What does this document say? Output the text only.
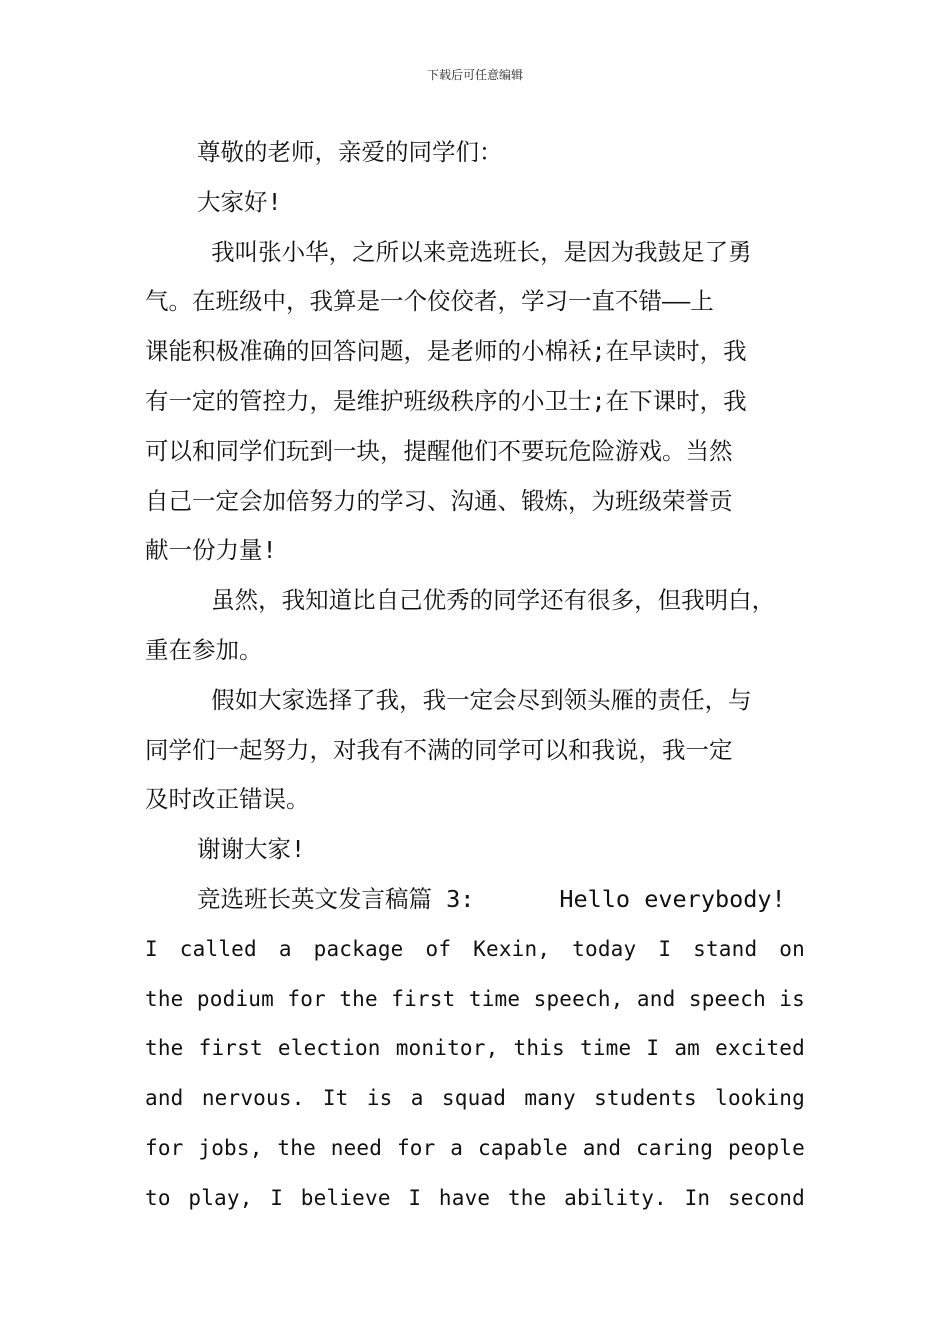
下载后可任意编辑
尊敬的老师，亲爱的同学们：
大家好!
我叫张小华，之所以来竞选班长，是因为我鼓足了勇
气。在班级中，我算是一个佼佼者，学习一直不错——上
课能积极准确的回答问题，是老师的小棉袄;在早读时，我
有一定的管控力，是维护班级秩序的小卫士;在下课时，我
可以和同学们玩到一块，提醒他们不要玩危险游戏。当然
自己一定会加倍努力的学习、沟通、锻炼，为班级荣誉贡
献一份力量!
虽然，我知道比自己优秀的同学还有很多，但我明白，
重在参加。
假如大家选择了我，我一定会尽到领头雁的责任，与
同学们一起努力，对我有不满的同学可以和我说，我一定
及时改正错误。
谢谢大家!
竞选班长英文发言稿篇 3:      Hello everybody!
I called a package of Kexin, today I stand on
the podium for the first time speech, and speech is
the first election monitor, this time I am excited
and nervous. It is a squad many students looking
for jobs, the need for a capable and caring people
to play, I believe I have the ability. In second
